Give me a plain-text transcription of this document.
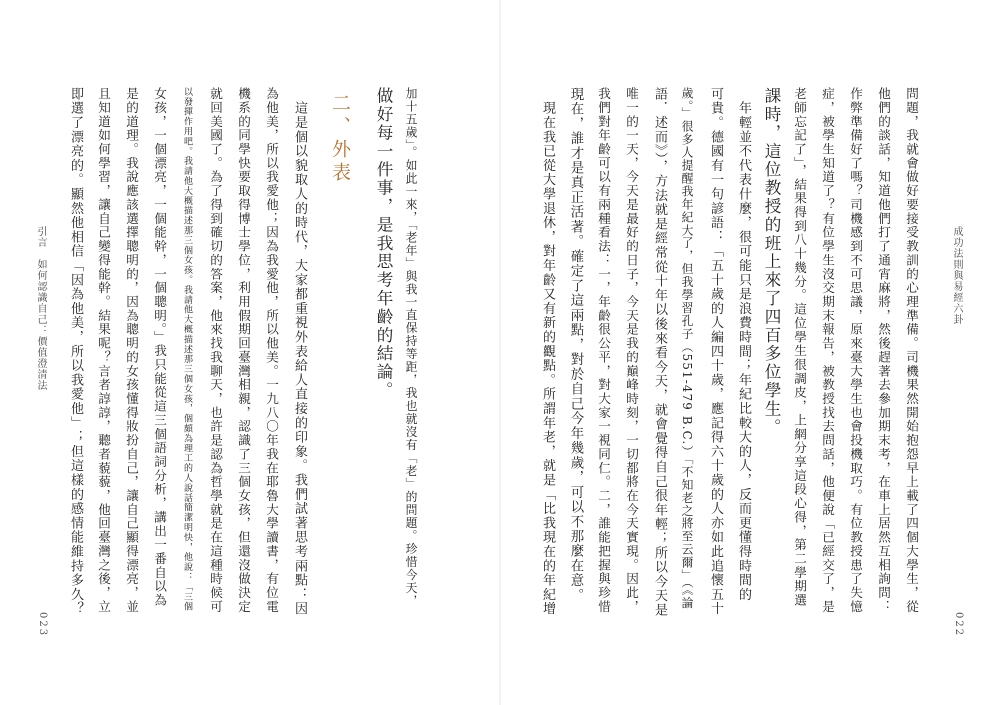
成功法則與易經六卦
022
問題，我就會做好要接受教訓的心理準備。司機果然開始抱怨早上載了四個大學生，從
他們的談話，知道他們打了通宵麻將，然後趕著去參加期末考，在車上居然互相詢問：
作弊準備好了嗎？司機感到不可思議，原來臺大學生也會投機取巧。有位教授患了失憶
症，被學生知道了？有位學生沒交期末報告，被教授找去問話，他便說「已經交了，是
老師忘記了」，結果得到八十幾分。這位學生很調皮，上網分享這段心得，第二學期選
課時，這位教授的班上來了四百多位學生。
　年輕並不代表什麼，很可能只是浪費時間；年紀比較大的人，反而更懂得時間的
可貴。德國有一句諺語：「五十歲的人編四十歲，應記得六十歲的人亦如此追懷五十
歲。」很多人提醒我年紀大了，但我學習孔子（551-479 B.C.）「不知老之將至云爾」（《論
語．述而》），方法就是經常從十年以後來看今天，就會覺得自己很年輕；所以今天是
唯一的一天，今天是最好的日子，今天是我的巔峰時刻，一切都將在今天實現。因此，
我們對年齡可以有兩種看法：一，年齡很公平，對大家一視同仁。二，誰能把握與珍惜
現在，誰才是真正活著。確定了這兩點，對於自己今年幾歲，可以不那麼在意。
　現在我已從大學退休，對年齡又有新的觀點。所謂年老，就是「比我現在的年紀增
引言　如何認識自己：價值澄清法
023
加十五歲」。如此一來，「老年」與我一直保持等距，我也就沒有「老」的問題。珍惜今天，
做好每一件事，是我思考年齡的結論。
二、外表
　這是個以貌取人的時代，大家都重視外表給人直接的印象。我們試著思考兩點：因
為他美，所以我愛他；因為我愛他，所以他美。一九八〇年我在耶魯大學讀書，有位電
機系的同學快要取得博士學位，利用假期回臺灣相親，認識了三個女孩，但還沒做決定
就回美國了。為了得到確切的答案，他來找我聊天，也許是認為哲學就是在這種時候可
以發揮作用吧。我請他大概描述那三個女孩。我請他大概描述那三個女孩，個頗為理工的人說話簡潔明快，他說：「三個
女孩，一個漂亮，一個能幹，一個聰明。」我只能從這三個語詞分析，講出一番自以為
是的道理。我說應該選擇聰明的，因為聰明的女孩懂得妝扮自己，讓自己顯得漂亮，並
且知道如何學習，讓自己變得能幹。結果呢？言者諄諄，聽者藐藐，他回臺灣之後，立
即選了漂亮的。顯然他相信「因為他美，所以我愛他」；但這樣的感情能維持多久？
